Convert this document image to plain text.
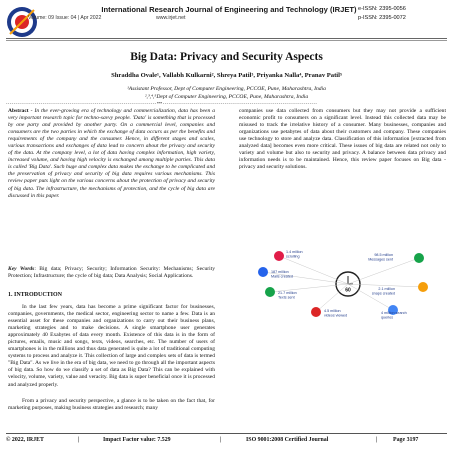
International Research Journal of Engineering and Technology (IRJET)
Volume: 09 Issue: 04 | Apr 2022	www.irjet.net
e-ISSN: 2395-0056
p-ISSN: 2395-0072
Big Data: Privacy and Security Aspects
Shraddha Ovale¹, Vallabh Kulkarni², Shreya Patil³, Priyanka Nalla⁴, Pranav Patil⁵
¹Assistant Professor, Dept of Computer Engineering, PCCOE, Pune, Maharashtra, India
²,³,⁴,⁵Dept of Computer Engineering, PCCOE, Pune, Maharashtra, India
- - - - - - - - - - - - - - - - - - - - - - - - - - - - - - - - - - - - - - - - - - - - - - - - - - - - - - - - - - - - - - - - - - - - - - - - - - - - - - *** - - - - - - - - - - - - - - - - - - - - - - - - - - - - - - - - - - - - - - - - - - - - - - - - - - - - - - - - - - - - - - - - - - - - - - - - - - - - - - - -

Abstract - In the ever-growing era of technology and commercialization, data has been a very important research topic for techno-savvy people. 'Data' is something that is processed by one party and provided by another party. On a commercial level, companies and consumers are the two parties in which the exchange of data occurs as per the benefits and requirements of the company and the consumer. Hence, in different stages and scales, various transactions and exchanges of data lead to concern about the privacy and security of the data. At the company level, a lot of data having complex information, high variety, increased volume, and having high velocity is exchanged among multiple parties. This data is called 'Big Data'. Such huge and complex data makes the exchange to be complicated and the preservation of privacy and security of big data requires various mechanisms. This review paper puts light on the various concerns about the protection of privacy and security of big data. The infrastructure, the mechanisms of protection, and the cycle of big data are discussed in this paper.

Key Words: Big data; Privacy; Security; Information Security: Mechanisms; Security Protection; Infrastructure; the cycle of big data; Data Analysis; Social Applications.

1. INTRODUCTION

In the last few years, data has become a prime significant factor for businesses, companies, governments, the medical sector, engineering sector to name a few. Data is an essential asset for these companies and organizations to carry out their business plans, marketing strategies and to make decisions. A single smartphone user generates approximately 40 Exabytes of data every month. Existence of this data is in the form of pictures, emails, music and songs, texts, videos, searches, etc. The number of users of smartphones is in the millions and thus data generated is quite a lot of traditional computing systems to process and analyze it. This collection of large and complex sets of data is termed "Big Data". As we live in the era of big data, we need to go through all the important aspects of big data. So how do we classify a set of data as Big Data? This can be explained with velocity, volume, variety, value and veracity. Big data is super beneficial once it is processed and analyzed properly.

From a privacy and security perspective, a glance is to be taken on the fact that, for marketing purposes, making business strategies and research; many

companies use data collected from consumers but they may not provide a sufficient economic profit to consumers on a significant level. Instead this collected data may be misused to track the irrelative history of a consumer. Many businesses, companies and organizations use petabytes of data about their customers and company. These companies use technology to store and analyze data. Classification of this information [extracted from analyzed data] becomes even more critical. These issues of big data are related not only to variety and volume but also to security and privacy. A balance between data privacy and information needs is to be maintained. Hence, this review paper focuses on Big data - privacy and security solutions.
60
1.4 million
scrolling	98.5 million
Messages sent
2.1 million
snaps created
4 million search
queries
4.5 million
videos viewed
21.7 million
Texts sent
187 million
Mails created
© 2022, IRJET	|	Impact Factor value: 7.529	|	ISO 9001:2008 Certified Journal	|	Page 3197
